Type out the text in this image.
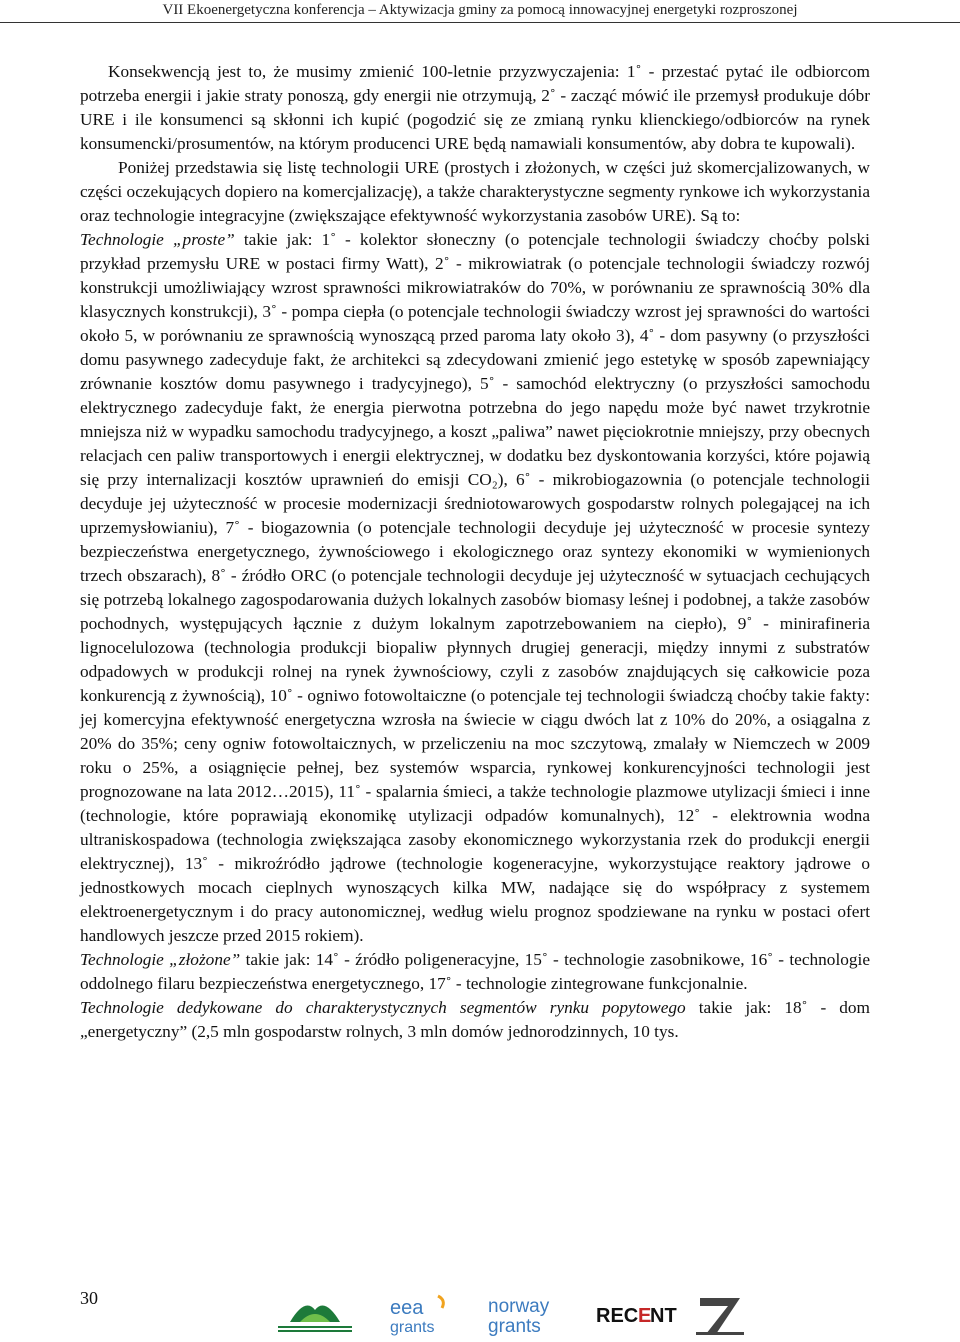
VII Ekoenergetyczna konferencja – Aktywizacja gminy za pomocą innowacyjnej energetyki rozproszonej

Konsekwencją jest to, że musimy zmienić 100-letnie przyzwyczajenia: 1˚ - przestać pytać ile odbiorcom potrzeba energii i jakie straty ponoszą, gdy energii nie otrzymują, 2˚ - zacząć mówić ile przemysł produkuje dóbr URE i ile konsumenci są skłonni ich kupić (pogodzić się ze zmianą rynku klienckiego/odbiorców na rynek konsumencki/prosumentów, na którym producenci URE będą namawiali konsumentów, aby dobra te kupowali).

Poniżej przedstawia się listę technologii URE (prostych i złożonych, w części już skomercjalizowanych, w części oczekujących dopiero na komercjalizację), a także charakterystyczne segmenty rynkowe ich wykorzystania oraz technologie integracyjne (zwiększające efektywność wykorzystania zasobów URE). Są to:

Technologie „proste” takie jak: 1˚ - kolektor słoneczny (o potencjale technologii świadczy choćby polski przykład przemysłu URE w postaci firmy Watt), 2˚ - mikrowiatrak (o potencjale technologii świadczy rozwój konstrukcji umożliwiający wzrost sprawności mikrowiatraków do 70%, w porównaniu ze sprawnością 30% dla klasycznych konstrukcji), 3˚ - pompa ciepła (o potencjale technologii świadczy wzrost jej sprawności do wartości około 5, w porównaniu ze sprawnością wynoszącą przed paroma laty około 3), 4˚ - dom pasywny (o przyszłości domu pasywnego zadecyduje fakt, że architekci są zdecydowani zmienić jego estetykę w sposób zapewniający zrównanie kosztów domu pasywnego i tradycyjnego), 5˚ - samochód elektryczny (o przyszłości samochodu elektrycznego zadecyduje fakt, że energia pierwotna potrzebna do jego napędu może być nawet trzykrotnie mniejsza niż w wypadku samochodu tradycyjnego, a koszt „paliwa” nawet pięciokrotnie mniejszy, przy obecnych relacjach cen paliw transportowych i energii elektrycznej, w dodatku bez dyskontowania korzyści, które pojawią się przy internalizacji kosztów uprawnień do emisji CO₂), 6˚ - mikrobiogazownia (o potencjale technologii decyduje jej użyteczność w procesie modernizacji średniotowarowych gospodarstw rolnych polegającej na ich uprzemysłowianiu), 7˚ - biogazownia (o potencjale technologii decyduje jej użyteczność w procesie syntezy bezpieczeństwa energetycznego, żywnościowego i ekologicznego oraz syntezy ekonomiki w wymienionych trzech obszarach), 8˚ - źródło ORC (o potencjale technologii decyduje jej użyteczność w sytuacjach cechujących się potrzebą lokalnego zagospodarowania dużych lokalnych zasobów biomasy leśnej i podobnej, a także zasobów pochodnych, występujących łącznie z dużym lokalnym zapotrzebowaniem na ciepło), 9˚ - minirafineria lignocelulozowa (technologia produkcji biopaliw płynnych drugiej generacji, między innymi z substratów odpadowych w produkcji rolnej na rynek żywnościowy, czyli z zasobów znajdujących się całkowicie poza konkurencją z żywnością), 10˚ - ogniwo fotowoltaiczne (o potencjale tej technologii świadczą choćby takie fakty: jej komercyjna efektywność energetyczna wzrosła na świecie w ciągu dwóch lat z 10% do 20%, a osiągalna z 20% do 35%; ceny ogniw fotowoltaicznych, w przeliczeniu na moc szczytową, zmalały w Niemczech w 2009 roku o 25%, a osiągnięcie pełnej, bez systemów wsparcia, rynkowej konkurencyjności technologii jest prognozowane na lata 2012…2015), 11˚ - spalarnia śmieci, a także technologie plazmowe utylizacji śmieci i inne (technologie, które poprawiają ekonomikę utylizacji odpadów komunalnych), 12˚ - elektrownia wodna ultraniskospadowa (technologia zwiększająca zasoby ekonomicznego wykorzystania rzek do produkcji energii elektrycznej), 13˚ - mikroźródło jądrowe (technologie kogeneracyjne, wykorzystujące reaktory jądrowe o jednostkowych mocach cieplnych wynoszących kilka MW, nadające się do współpracy z systemem elektroenergetycznym i do pracy autonomicznej, według wielu prognoz spodziewane na rynku w postaci ofert handlowych jeszcze przed 2015 rokiem).

Technologie „złożone” takie jak: 14˚ - źródło poligeneracyjne, 15˚ - technologie zasobnikowe, 16˚ - technologie oddolnego filaru bezpieczeństwa energetycznego, 17˚ - technologie zintegrowane funkcjonalnie.

Technologie dedykowane do charakterystycznych segmentów rynku popytowego takie jak: 18˚ - dom „energetyczny” (2,5 mln gospodarstw rolnych, 3 mln domów jednorodzinnych, 10 tys.

30	eea
grants
norway
grants	REC E
NT
